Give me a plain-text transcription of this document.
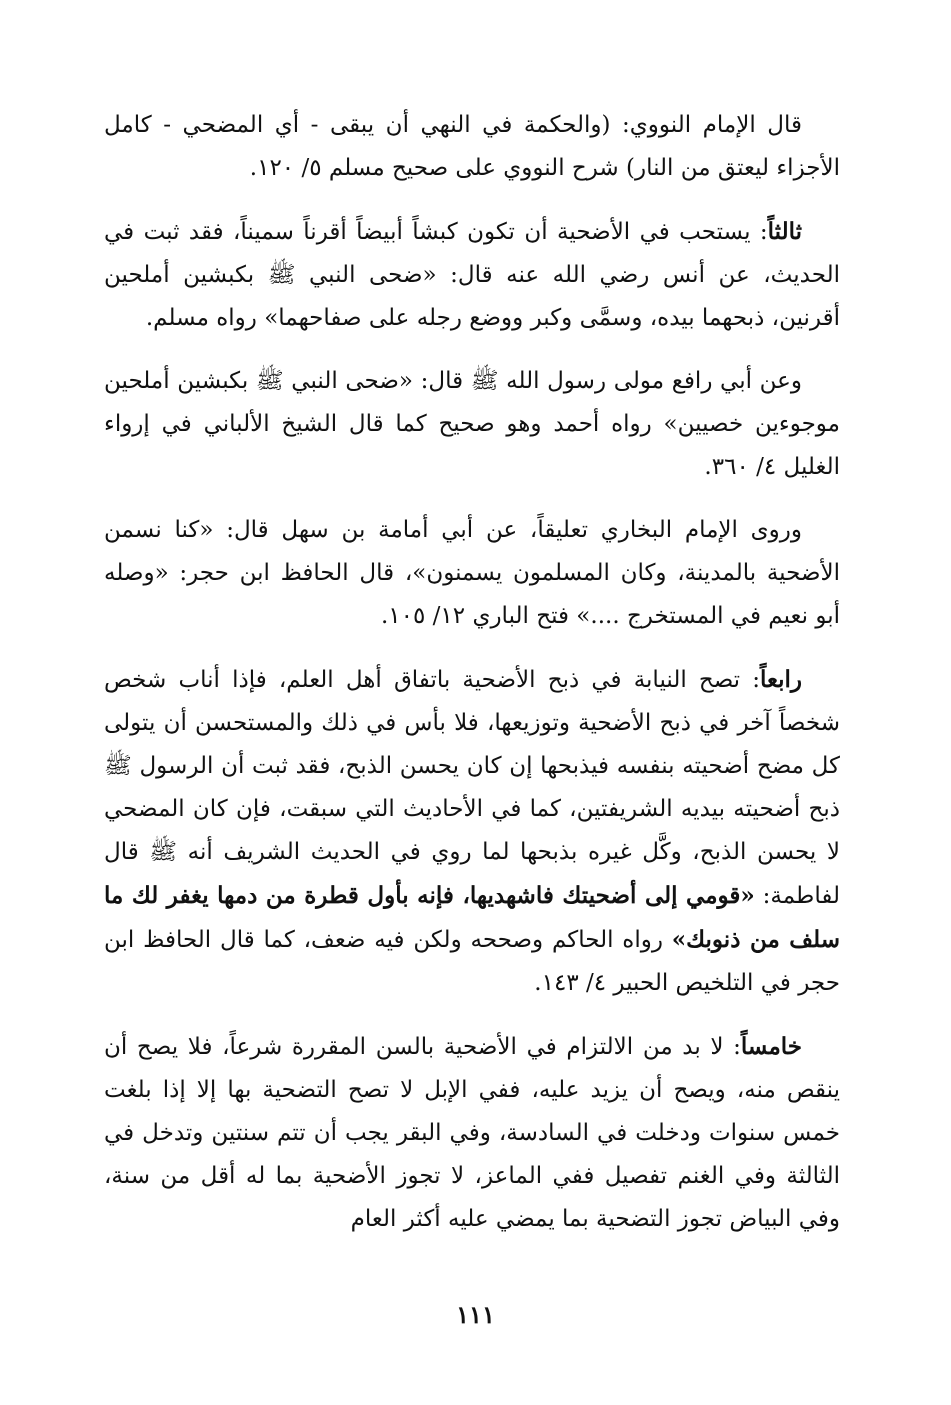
قال الإمام النووي: (والحكمة في النهي أن يبقى - أي المضحي - كامل الأجزاء ليعتق من النار) شرح النووي على صحيح مسلم ٥/ ١٢٠.

ثالثاً: يستحب في الأضحية أن تكون كبشاً أبيضاً أقرناً سميناً، فقد ثبت في الحديث، عن أنس رضي الله عنه قال: «ضحى النبي ﷺ بكبشين أملحين أقرنين، ذبحهما بيده، وسمَّى وكبر ووضع رجله على صفاحهما» رواه مسلم.

وعن أبي رافع مولى رسول الله ﷺ قال: «ضحى النبي ﷺ بكبشين أملحين موجوءين خصيين» رواه أحمد وهو صحيح كما قال الشيخ الألباني في إرواء الغليل ٤/ ٣٦٠.

وروى الإمام البخاري تعليقاً، عن أبي أمامة بن سهل قال: «كنا نسمن الأضحية بالمدينة، وكان المسلمون يسمنون»، قال الحافظ ابن حجر: «وصله أبو نعيم في المستخرج ....» فتح الباري ١٢/ ١٠٥.

رابعاً: تصح النيابة في ذبح الأضحية باتفاق أهل العلم، فإذا أناب شخص شخصاً آخر في ذبح الأضحية وتوزيعها، فلا بأس في ذلك والمستحسن أن يتولى كل مضح أضحيته بنفسه فيذبحها إن كان يحسن الذبح، فقد ثبت أن الرسول ﷺ ذبح أضحيته بيديه الشريفتين، كما في الأحاديث التي سبقت، فإن كان المضحي لا يحسن الذبح، وكَّل غيره بذبحها لما روي في الحديث الشريف أنه ﷺ قال لفاطمة: «قومي إلى أضحيتك فاشهديها، فإنه بأول قطرة من دمها يغفر لك ما سلف من ذنوبك» رواه الحاكم وصححه ولكن فيه ضعف، كما قال الحافظ ابن حجر في التلخيص الحبير ٤/ ١٤٣.

خامساً: لا بد من الالتزام في الأضحية بالسن المقررة شرعاً، فلا يصح أن ينقص منه، ويصح أن يزيد عليه، ففي الإبل لا تصح التضحية بها إلا إذا بلغت خمس سنوات ودخلت في السادسة، وفي البقر يجب أن تتم سنتين وتدخل في الثالثة وفي الغنم تفصيل ففي الماعز، لا تجوز الأضحية بما له أقل من سنة، وفي البياض تجوز التضحية بما يمضي عليه أكثر العام

١١١
